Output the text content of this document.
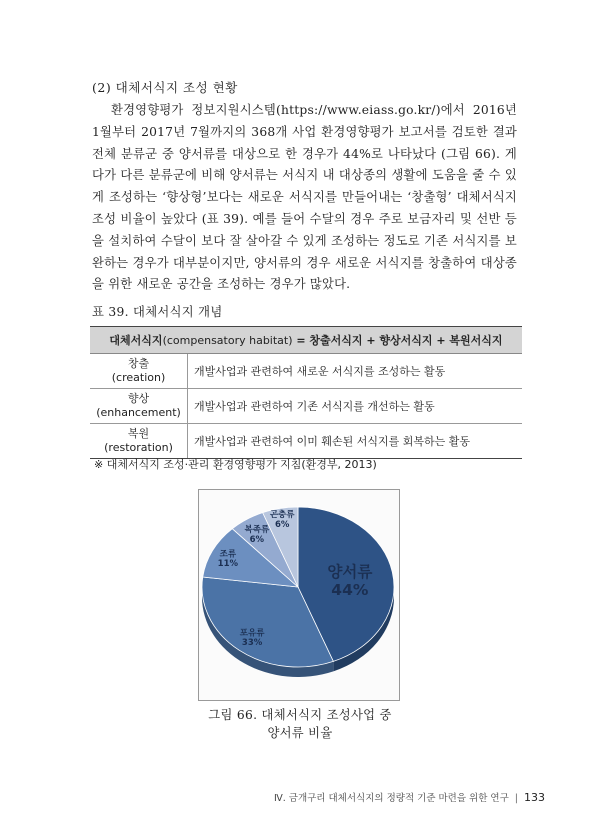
(2) 대체서식지 조성 현황

환경영향평가 정보지원시스템(https://www.eiass.go.kr/)에서 2016년 1월부터 2017년 7월까지의 368개 사업 환경영향평가 보고서를 검토한 결과 전체 분류군 중 양서류를 대상으로 한 경우가 44%로 나타났다 (그림 66). 게다가 다른 분류군에 비해 양서류는 서식지 내 대상종의 생활에 도움을 줄 수 있게 조성하는 ‘향상형’보다는 새로운 서식지를 만들어내는 ‘창출형’ 대체서식지 조성 비율이 높았다 (표 39). 예를 들어 수달의 경우 주로 보금자리 및 선반 등을 설치하여 수달이 보다 잘 살아갈 수 있게 조성하는 정도로 기존 서식지를 보완하는 경우가 대부분이지만, 양서류의 경우 새로운 서식지를 창출하여 대상종을 위한 새로운 공간을 조성하는 경우가 많았다.

표 39. 대체서식지 개념
대체서식지(compensatory habitat) = 창출서식지 + 향상서식지 + 복원서식지	

창출
(creation)	개발사업과 관련하여 새로운 서식지를 조성하는 활동

향상
(enhancement)	개발사업과 관련하여 기존 서식지를 개선하는 활동

복원
(restoration)	개발사업과 관련하여 이미 훼손된 서식지를 회복하는 활동
※ 대체서식지 조성·관리 환경영향평가 지침(환경부, 2013)
양서류
44%
포유류
33%
조류
11%
복족류
6%
곤충류
6%
그림 66. 대체서식지 조성사업 중
양서류 비율
Ⅳ. 금개구리 대체서식지의 정량적 기준 마련을 위한 연구 | 133
